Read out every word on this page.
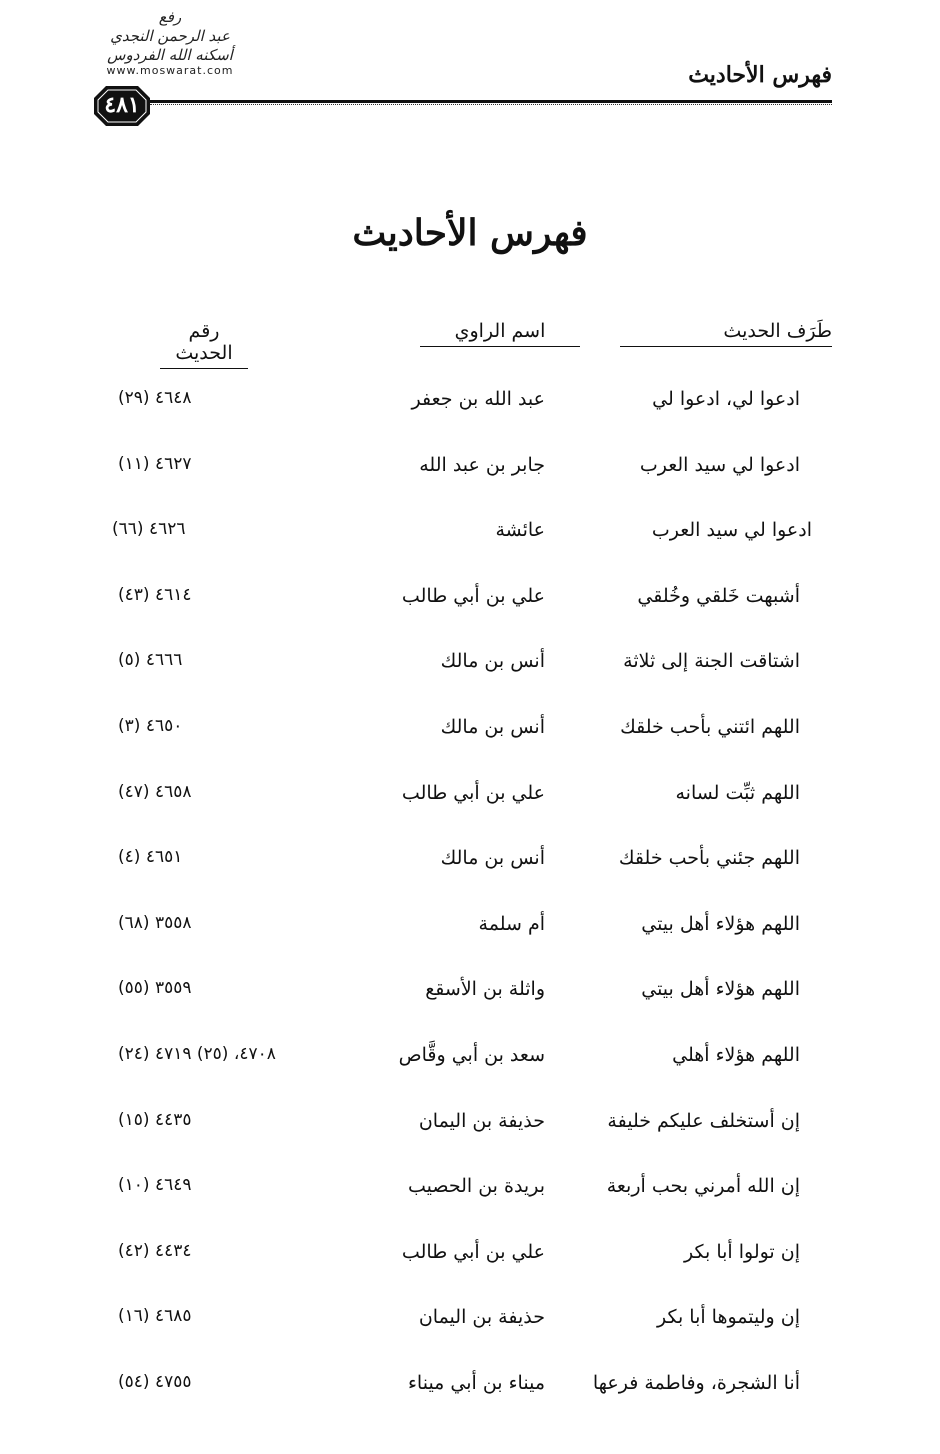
رفع
عبد الرحمن النجدي
أسكنه الله الفردوس
www.moswarat.com	فهرس الأحاديث
٤٨١
فهرس الأحاديث
طَرَف الحديث
اسم الراوي
رقم الحديث
ادعوا لي، ادعوا لي
عبد الله بن جعفر
(٢٩) ٤٦٤٨
ادعوا لي سيد العرب
جابر بن عبد الله
(١١) ٤٦٢٧
ادعوا لي سيد العرب
عائشة
(٦٦) ٤٦٢٦
أشبهت خَلقي وخُلقي
علي بن أبي طالب
(٤٣) ٤٦١٤
اشتاقت الجنة إلى ثلاثة
أنس بن مالك
(٥) ٤٦٦٦
اللهم ائتني بأحب خلقك
أنس بن مالك
(٣) ٤٦٥٠
اللهم ثبِّت لسانه
علي بن أبي طالب
(٤٧) ٤٦٥٨
اللهم جئني بأحب خلقك
أنس بن مالك
(٤) ٤٦٥١
اللهم هؤلاء أهل بيتي
أم سلمة
(٦٨) ٣٥٥٨
اللهم هؤلاء أهل بيتي
واثلة بن الأسقع
(٥٥) ٣٥٥٩
اللهم هؤلاء أهلي
سعد بن أبي وقَّاص
(٢٤) ٤٧٠٨، (٢٥) ٤٧١٩
إن أستخلف عليكم خليفة
حذيفة بن اليمان
(١٥) ٤٤٣٥
إن الله أمرني بحب أربعة
بريدة بن الحصيب
(١٠) ٤٦٤٩
إن تولوا أبا بكر
علي بن أبي طالب
(٤٢) ٤٤٣٤
إن وليتموها أبا بكر
حذيفة بن اليمان
(١٦) ٤٦٨٥
أنا الشجرة، وفاطمة فرعها
ميناء بن أبي ميناء
(٥٤) ٤٧٥٥
